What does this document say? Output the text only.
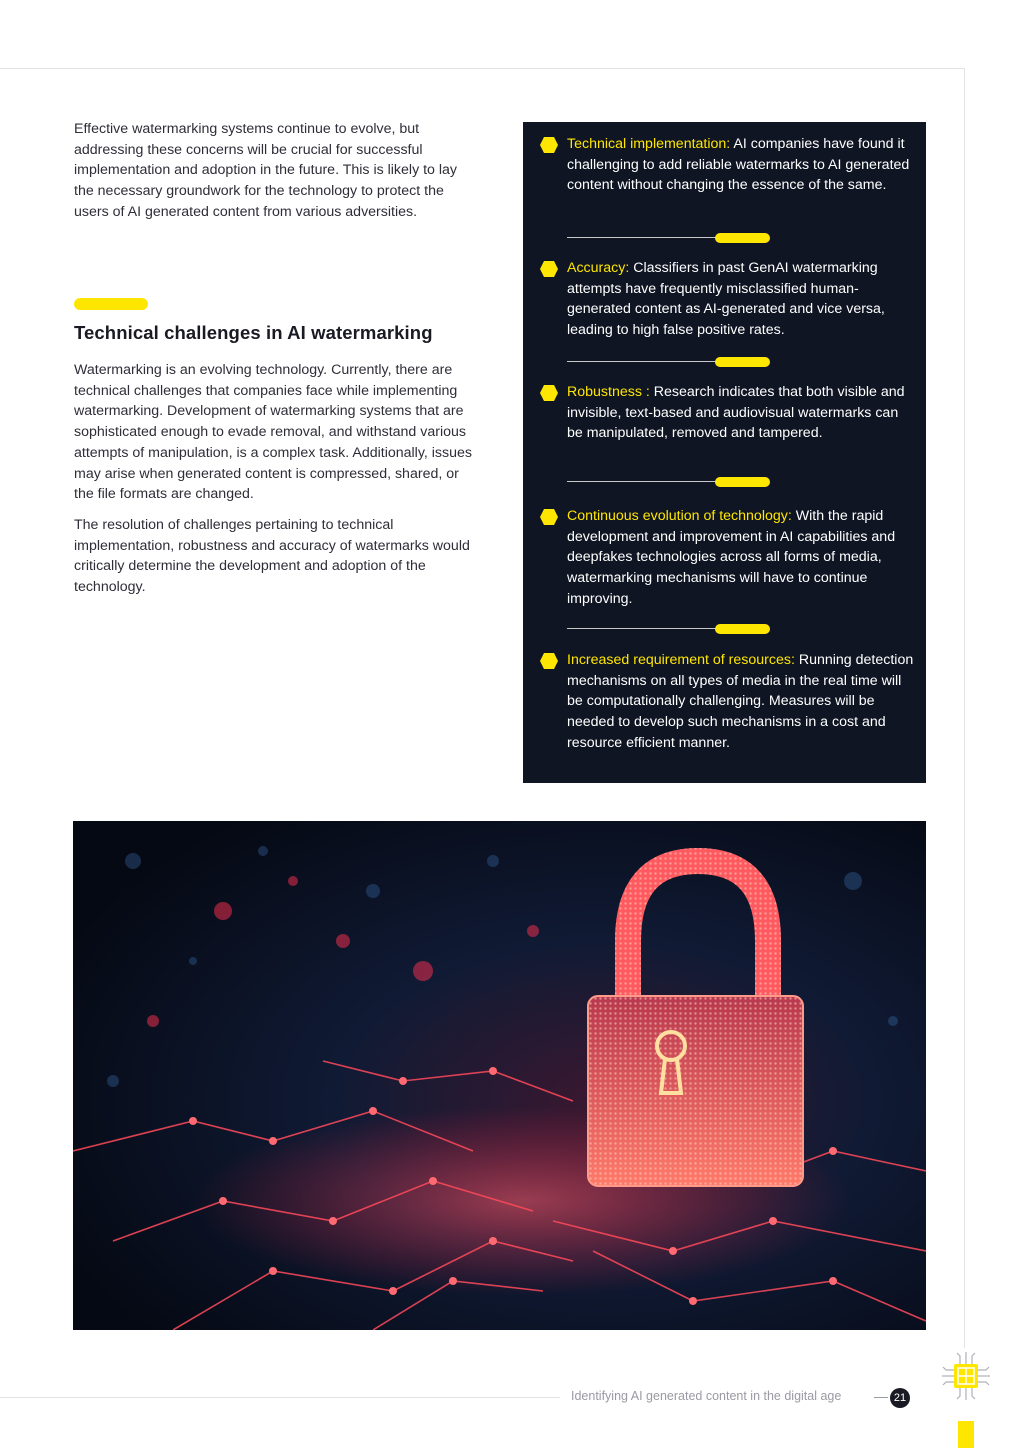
Effective watermarking systems continue to evolve, but addressing these concerns will be crucial for successful implementation and adoption in the future. This is likely to lay the necessary groundwork for the technology to protect the users of AI generated content from various adversities.

Technical challenges in AI watermarking

Watermarking is an evolving technology. Currently, there are technical challenges that companies face while implementing watermarking. Development of watermarking systems that are sophisticated enough to evade removal, and withstand various attempts of manipulation, is a complex task. Additionally, issues may arise when generated content is compressed, shared, or the file formats are changed.

The resolution of challenges pertaining to technical implementation, robustness and accuracy of watermarks would critically determine the development and adoption of the technology.

Technical implementation: AI companies have found it challenging to add reliable watermarks to AI generated content without changing the essence of the same.
Accuracy: Classifiers in past GenAI watermarking attempts have frequently misclassified human-generated content as AI-generated and vice versa, leading to high false positive rates.
Robustness : Research indicates that both visible and invisible, text-based and audiovisual watermarks can be manipulated, removed and tampered.
Continuous evolution of technology: With the rapid development and improvement in AI capabilities and deepfakes technologies across all forms of media, watermarking mechanisms will have to continue improving.
Increased requirement of resources: Running detection mechanisms on all types of media in the real time will be computationally challenging. Measures will be needed to develop such mechanisms in a cost and resource efficient manner.
Identifying AI generated content in the digital age	21
